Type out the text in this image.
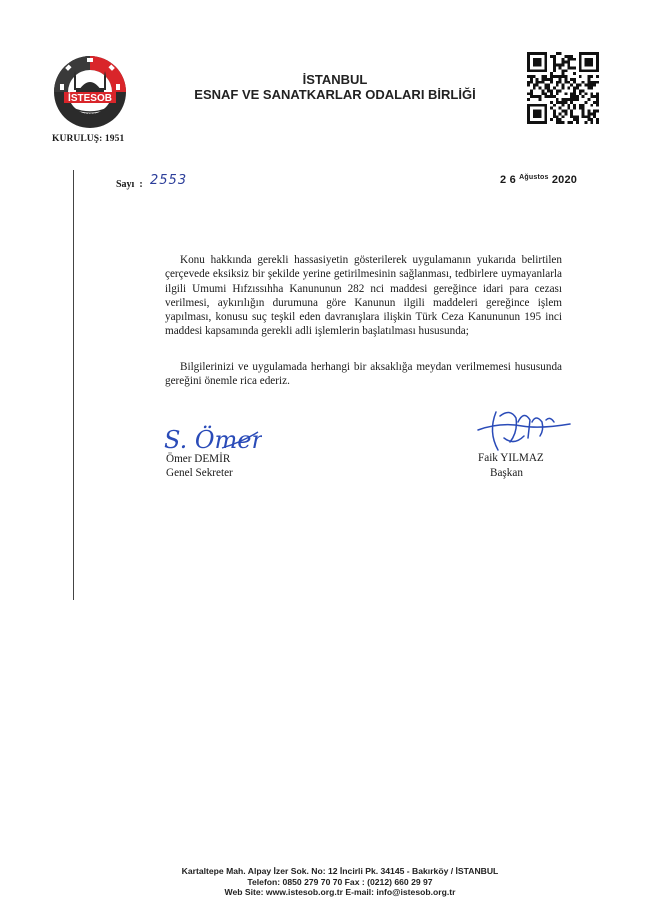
İSTESOB
1951
KURULUŞ: 1951
İSTANBUL
ESNAF VE SANATKARLAR ODALARI BİRLİĞİ
Sayı : 2553	2 6 $^{Ağustos}$ 2020
Konu hakkında gerekli hassasiyetin gösterilerek uygulamanın yukarıda belirtilen çerçevede eksiksiz bir şekilde yerine getirilmesinin sağlanması, tedbirlere uymayanlarla ilgili Umumi Hıfzıssıhha Kanununun 282 nci maddesi gereğince idari para cezası verilmesi, aykırılığın durumuna göre Kanunun ilgili maddeleri gereğince işlem yapılması, konusu suç teşkil eden davranışlara ilişkin Türk Ceza Kanununun 195 inci maddesi kapsamında gerekli adli işlemlerin başlatılması hususunda;
Bilgilerinizi ve uygulamada herhangi bir aksaklığa meydan verilmemesi hususunda gereğini önemle rica ederiz.
S. Ömer
Ömer DEMİR
Genel Sekreter
Faik YILMAZ
Başkan
Kartaltepe Mah. Alpay İzer Sok. No: 12 İncirli Pk. 34145 - Bakırköy / İSTANBUL
Telefon: 0850 279 70 70 Fax : (0212) 660 29 97
Web Site: www.istesob.org.tr E-mail: info@istesob.org.tr
